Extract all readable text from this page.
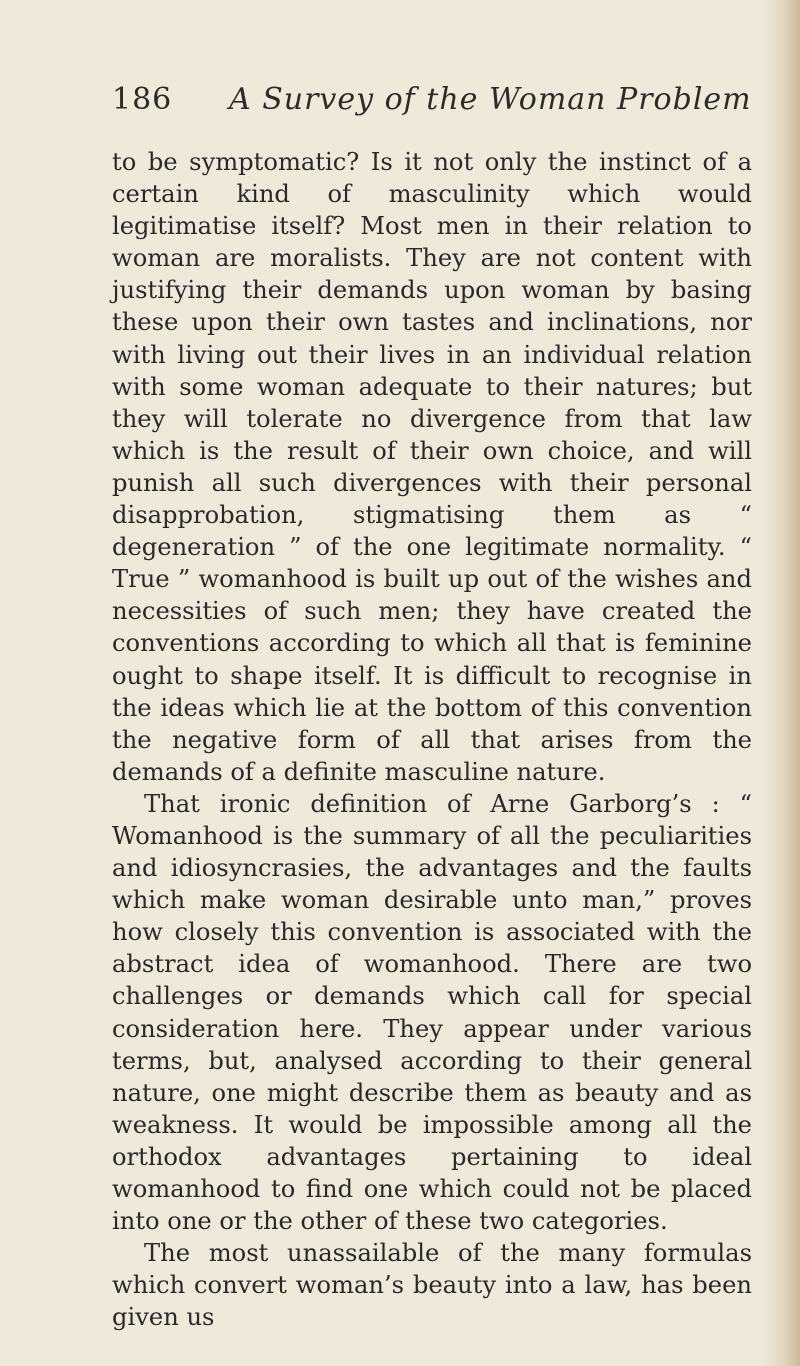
186 A Survey of the Woman Problem

to be symptomatic? Is it not only the instinct of a certain kind of masculinity which would legitimatise itself? Most men in their relation to woman are moralists. They are not content with justifying their demands upon woman by basing these upon their own tastes and inclinations, nor with living out their lives in an individual relation with some woman adequate to their natures; but they will tolerate no divergence from that law which is the result of their own choice, and will punish all such divergences with their personal disapprobation, stigmatising them as “ degeneration ” of the one legitimate normality. “ True ” womanhood is built up out of the wishes and necessities of such men; they have created the conventions according to which all that is feminine ought to shape itself. It is difficult to recognise in the ideas which lie at the bottom of this convention the negative form of all that arises from the demands of a definite masculine nature.

That ironic definition of Arne Garborg’s : “ Womanhood is the summary of all the peculiarities and idiosyncrasies, the advantages and the faults which make woman desirable unto man,” proves how closely this convention is associated with the abstract idea of womanhood. There are two challenges or demands which call for special consideration here. They appear under various terms, but, analysed according to their general nature, one might describe them as beauty and as weakness. It would be impossible among all the orthodox advantages pertaining to ideal womanhood to find one which could not be placed into one or the other of these two categories.

The most unassailable of the many formulas which convert woman’s beauty into a law, has been given us
